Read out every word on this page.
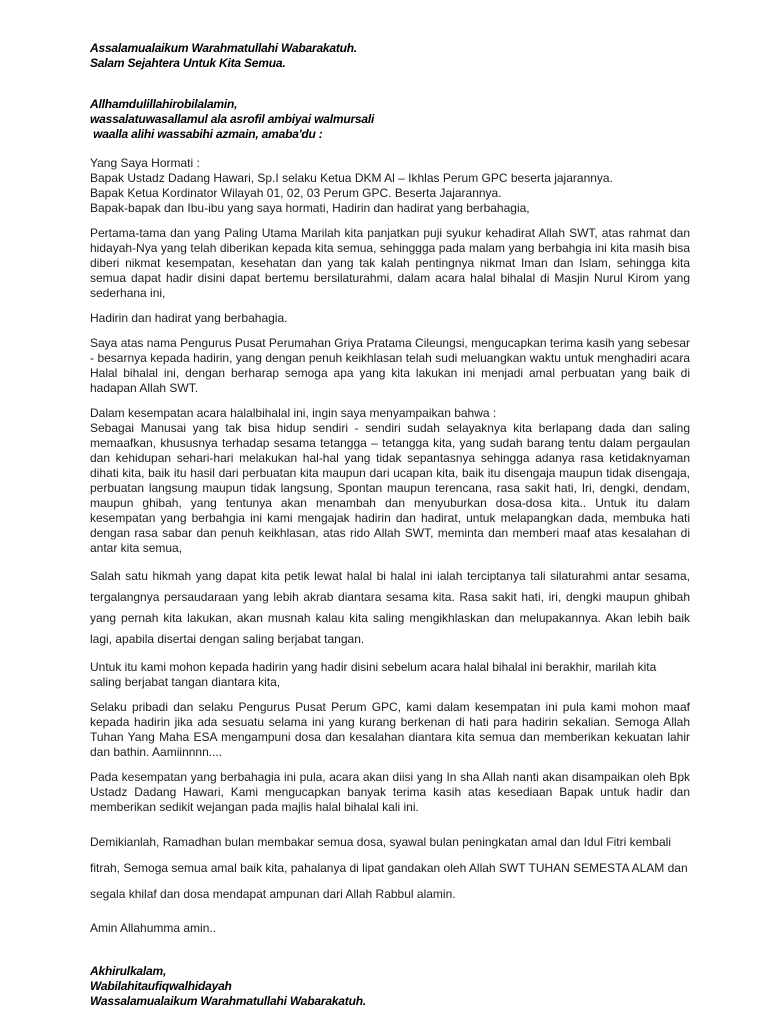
Assalamualaikum Warahmatullahi Wabarakatuh.
Salam Sejahtera Untuk Kita Semua.
Allhamdulillahirobilalamin,
wassalatuwasallamul ala asrofil ambiyai walmursali
waalla alihi wassabihi azmain, amaba'du :
Yang Saya Hormati :
Bapak Ustadz Dadang Hawari, Sp.I selaku Ketua DKM Al – Ikhlas Perum GPC beserta jajarannya.
Bapak Ketua Kordinator Wilayah 01, 02, 03 Perum GPC. Beserta Jajarannya.
Bapak-bapak dan Ibu-ibu yang saya hormati, Hadirin dan hadirat yang berbahagia,

Pertama-tama dan yang Paling Utama Marilah kita panjatkan puji syukur kehadirat Allah SWT, atas rahmat dan hidayah-Nya yang telah diberikan kepada kita semua, sehinggga pada malam yang berbahgia ini kita masih bisa diberi nikmat kesempatan, kesehatan dan yang tak kalah pentingnya nikmat Iman dan Islam, sehingga kita semua dapat hadir disini dapat bertemu bersilaturahmi, dalam acara halal bihalal di Masjin Nurul Kirom yang sederhana ini,

Hadirin dan hadirat yang berbahagia.

Saya atas nama Pengurus Pusat Perumahan Griya Pratama Cileungsi, mengucapkan terima kasih yang sebesar - besarnya kepada hadirin, yang dengan penuh keikhlasan telah sudi meluangkan waktu untuk menghadiri acara Halal bihalal ini, dengan berharap semoga apa yang kita lakukan ini menjadi amal perbuatan yang baik di hadapan Allah SWT.

Dalam kesempatan acara halalbihalal ini, ingin saya menyampaikan bahwa :
Sebagai Manusai yang tak bisa hidup sendiri - sendiri sudah selayaknya kita berlapang dada dan saling memaafkan, khususnya terhadap sesama tetangga – tetangga kita, yang sudah barang tentu dalam pergaulan dan kehidupan sehari-hari melakukan hal-hal yang tidak sepantasnya sehingga adanya rasa ketidaknyaman dihati kita, baik itu hasil dari perbuatan kita maupun dari ucapan kita, baik itu disengaja maupun tidak disengaja, perbuatan langsung maupun tidak langsung, Spontan maupun terencana, rasa sakit hati, Iri, dengki, dendam, maupun ghibah, yang tentunya akan menambah dan menyuburkan dosa-dosa kita.. Untuk itu dalam kesempatan yang berbahgia ini kami mengajak hadirin dan hadirat, untuk melapangkan dada, membuka hati dengan rasa sabar dan penuh keikhlasan, atas rido Allah SWT, meminta dan memberi maaf atas kesalahan di antar kita semua,

Salah satu hikmah yang dapat kita petik lewat halal bi halal ini ialah terciptanya tali silaturahmi antar sesama, tergalangnya persaudaraan yang lebih akrab diantara sesama kita. Rasa sakit hati, iri, dengki maupun ghibah yang pernah kita lakukan, akan musnah kalau kita saling mengikhlaskan dan melupakannya. Akan lebih baik lagi, apabila disertai dengan saling berjabat tangan.

Untuk itu kami mohon kepada hadirin yang hadir disini sebelum acara halal bihalal ini berakhir, marilah kita saling berjabat tangan diantara kita,

Selaku pribadi dan selaku Pengurus Pusat Perum GPC, kami dalam kesempatan ini pula kami mohon maaf kepada hadirin jika ada sesuatu selama ini yang kurang berkenan di hati para hadirin sekalian. Semoga Allah Tuhan Yang Maha ESA mengampuni dosa dan kesalahan diantara kita semua dan memberikan kekuatan lahir dan bathin. Aamiinnnn....

Pada kesempatan yang berbahagia ini pula, acara akan diisi yang In sha Allah nanti akan disampaikan oleh Bpk Ustadz Dadang Hawari, Kami mengucapkan banyak terima kasih atas kesediaan Bapak untuk hadir dan memberikan sedikit wejangan pada majlis halal bihalal kali ini.

Demikianlah, Ramadhan bulan membakar semua dosa, syawal bulan peningkatan amal dan Idul Fitri kembali fitrah, Semoga semua amal baik kita, pahalanya di lipat gandakan oleh Allah SWT TUHAN SEMESTA ALAM dan segala khilaf dan dosa mendapat ampunan dari Allah Rabbul alamin.

Amin Allahumma amin..

Akhirulkalam,
Wabilahitaufiqwalhidayah
Wassalamualaikum Warahmatullahi Wabarakatuh.
